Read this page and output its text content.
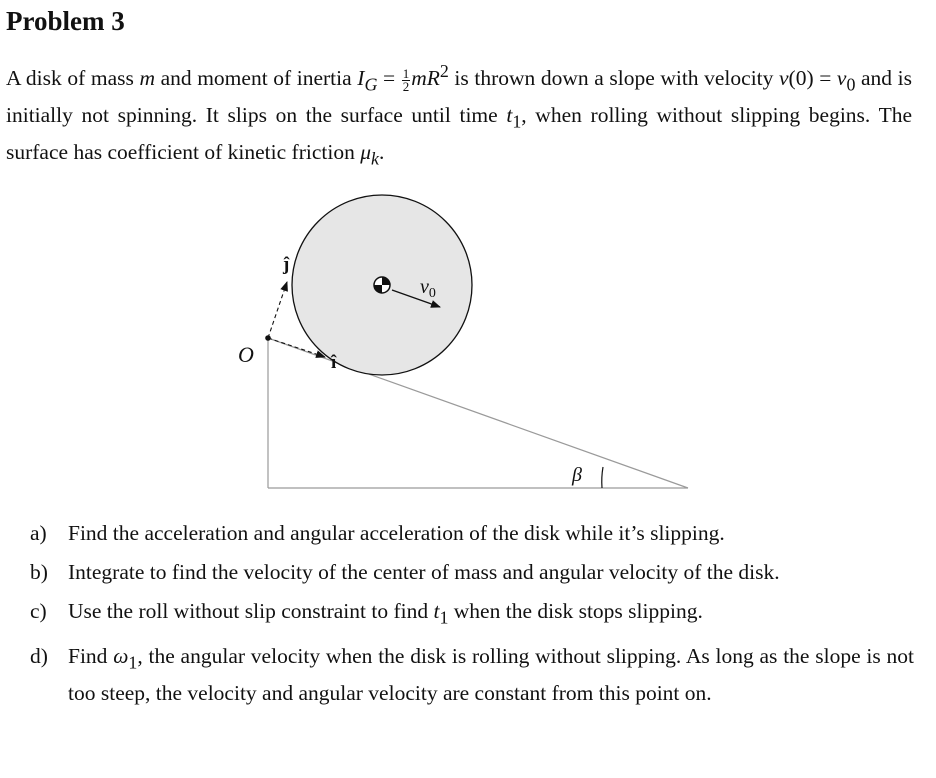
Problem 3

A disk of mass m and moment of inertia $I_G = \frac{1}{2} mR^2$ is thrown down a slope with velocity $v(0) = v_0$ and is initially not spinning. It slips on the surface until time $t_1$, when rolling without slipping begins. The surface has coefficient of kinetic friction $\mu_k$.

β
$v_0$
O	î
ĵ
a) Find the acceleration and angular acceleration of the disk while it’s slipping.
b) Integrate to find the velocity of the center of mass and angular velocity of the disk.
c) Use the roll without slip constraint to find $t_1$ when the disk stops slipping.
d) Find $\omega_1$, the angular velocity when the disk is rolling without slipping. As long as the slope is not too steep, the velocity and angular velocity are constant from this point on.
